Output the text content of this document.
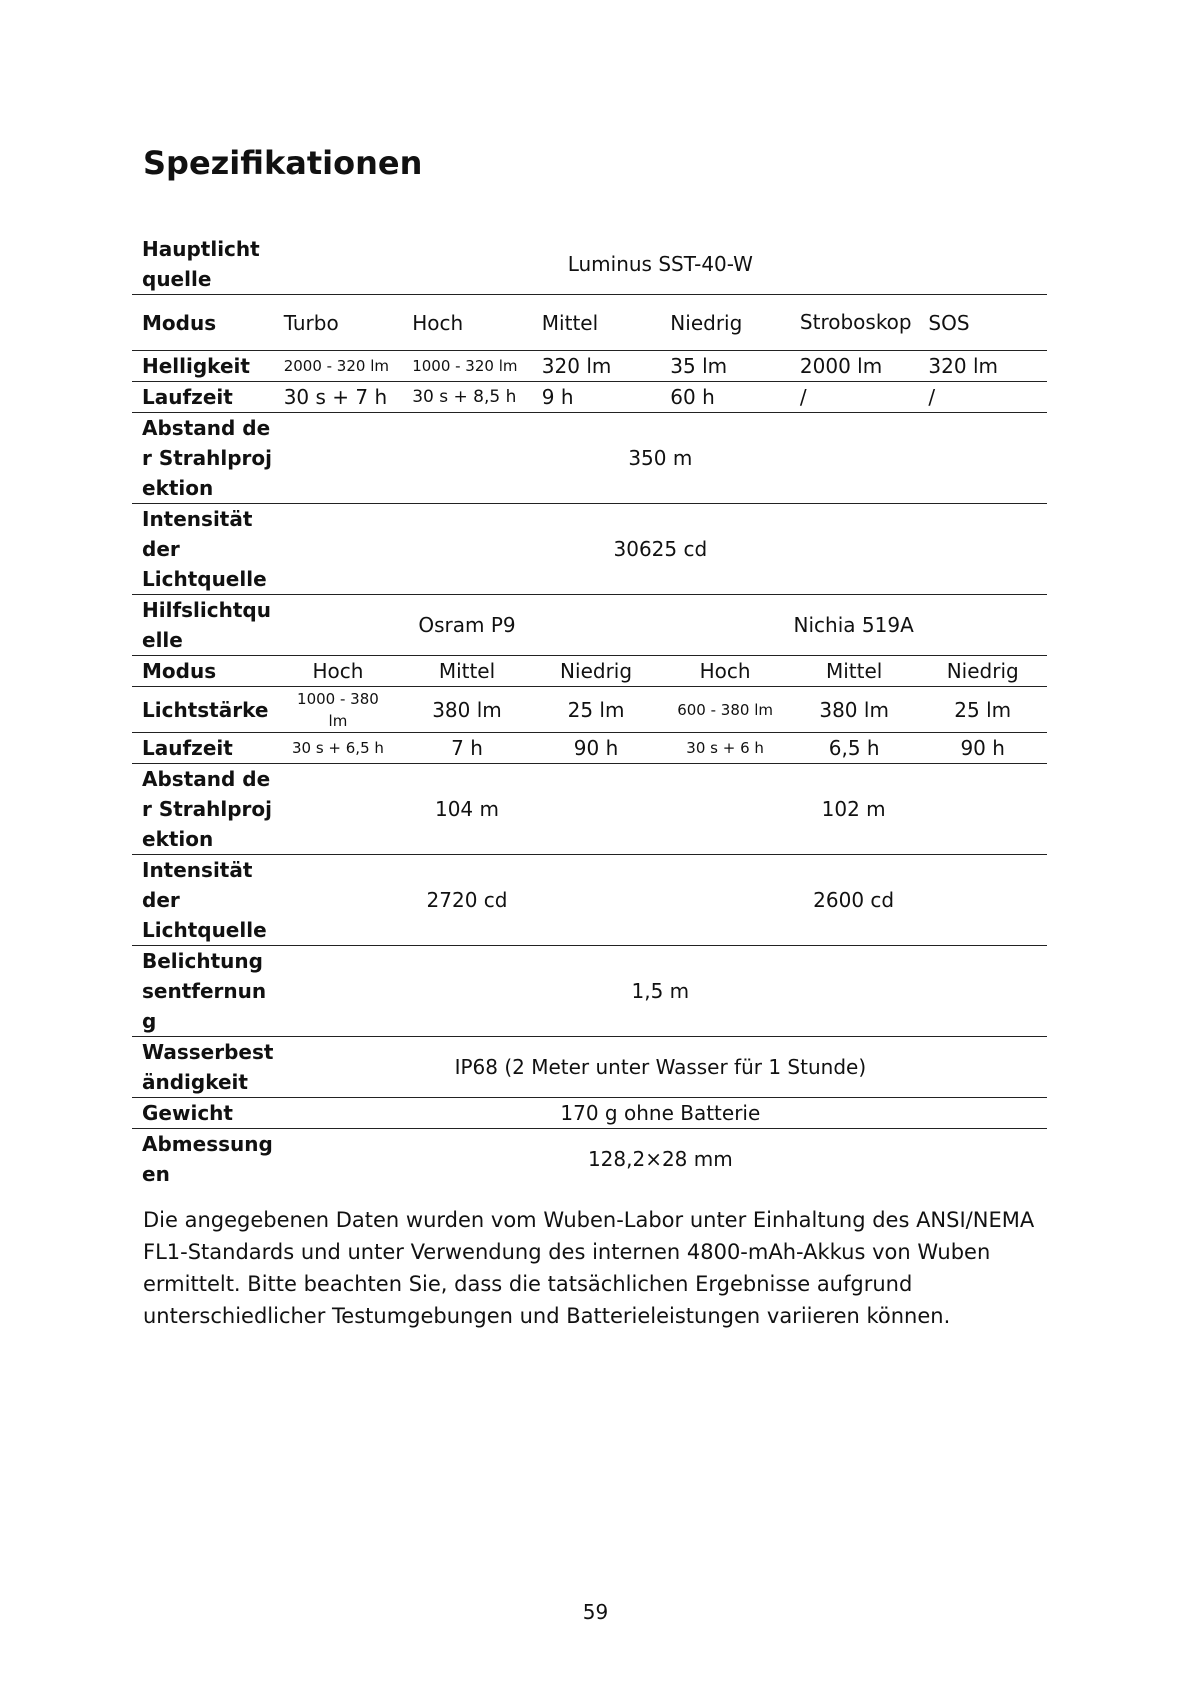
Spezifikationen
Hauptlichtquelle	Luminus SST-40-W					
Modus	Turbo	Hoch	Mittel	Niedrig	Stroboskop	SOS
Helligkeit	2000 - 320 lm	1000 - 320 lm	320 lm	35 lm	2000 lm	320 lm
Laufzeit	30 s + 7 h	30 s + 8,5 h	9 h	60 h	/	/
Abstand der Strahlprojektion	350 m					
Intensität der Lichtquelle	30625 cd					
Hilfslichtquelle	Osram P9			Nichia 519A		
Modus	Hoch	Mittel	Niedrig	Hoch	Mittel	Niedrig
Lichtstärke	1000 - 380 lm	380 lm	25 lm	600 - 380 lm	380 lm	25 lm
Laufzeit	30 s + 6,5 h	7 h	90 h	30 s + 6 h	6,5 h	90 h
Abstand der Strahlprojektion	104 m			102 m		
Intensität der Lichtquelle	2720 cd			2600 cd		
Belichtungsentfernung	1,5 m					
Wasserbeständigkeit	IP68 (2 Meter unter Wasser für 1 Stunde)					
Gewicht	170 g ohne Batterie					
Abmessungen	128,2×28 mm					

Die angegebenen Daten wurden vom Wuben-Labor unter Einhaltung des ANSI/NEMA FL1-Standards und unter Verwendung des internen 4800-mAh-Akkus von Wuben ermittelt. Bitte beachten Sie, dass die tatsächlichen Ergebnisse aufgrund unterschiedlicher Testumgebungen und Batterieleistungen variieren können.

59
